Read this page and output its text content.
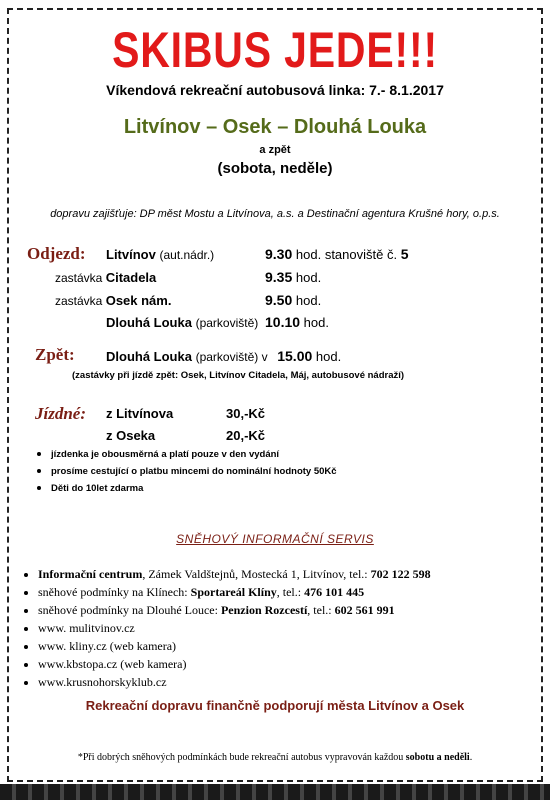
SKIBUS JEDE!!!
Víkendová rekreační autobusová linka: 7.- 8.1.2017
Litvínov – Osek – Dlouhá Louka
a zpět
(sobota, neděle)
dopravu zajišťuje: DP měst Mostu a Litvínova, a.s. a Destinační agentura Krušné hory, o.p.s.
Odjezd: Litvínov (aut.nádr.)	9.30 hod. stanoviště č. 5
zastávka Citadela	9.35 hod.
zastávka Osek nám.	9.50 hod.
Dlouhá Louka (parkoviště) 10.10 hod.
Zpět: Dlouhá Louka (parkoviště) v 15.00 hod.
(zastávky při jízdě zpět: Osek, Litvínov Citadela, Máj, autobusové nádraží)
Jízdné: z Litvínova	30,-Kč
z Oseka	20,-Kč
jízdenka je obousměrná a platí pouze v den vydání
prosíme cestující o platbu mincemi do nominální hodnoty 50Kč
Děti do 10let zdarma
SNĚHOVÝ INFORMAČNÍ SERVIS
Informační centrum, Zámek Valdštejnů, Mostecká 1, Litvínov, tel.: 702 122 598
sněhové podmínky na Klínech: Sportareál Klíny, tel.: 476 101 445
sněhové podmínky na Dlouhé Louce: Penzion Rozcestí, tel.: 602 561 991
www. mulitvinov.cz
www. kliny.cz (web kamera)
www.kbstopa.cz (web kamera)
www.krusnohorskyklub.cz
Rekreační dopravu finančně podporují města Litvínov a Osek
*Při dobrých sněhových podmínkách bude rekreační autobus vypravován každou sobotu a neděli.
